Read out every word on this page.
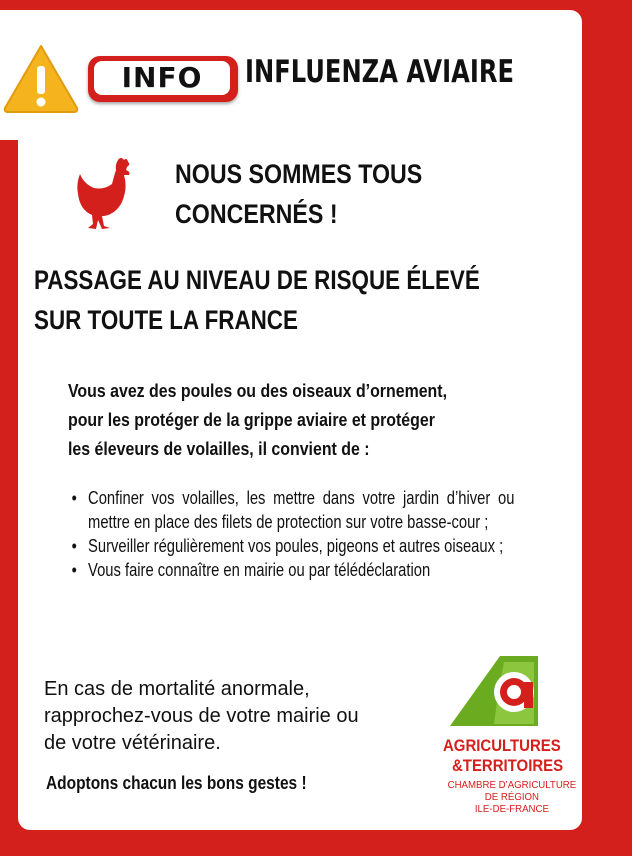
INFO	INFLUENZA AVIAIRE
NOUS SOMMES TOUS
CONCERNÉS !
PASSAGE AU NIVEAU DE RISQUE ÉLEVÉ
SUR TOUTE LA FRANCE
Vous avez des poules ou des oiseaux d’ornement,
pour les protéger de la grippe aviaire et protéger
les éleveurs de volailles, il convient de :
• Confiner vos volailles, les mettre dans votre jardin d’hiver ou mettre en place des filets de protection sur votre basse-cour ;
• Surveiller régulièrement vos poules, pigeons et autres oiseaux ;
• Vous faire connaître en mairie ou par télédéclaration
En cas de mortalité anormale,
rapprochez-vous de votre mairie ou
de votre vétérinaire.
Adoptons chacun les bons gestes !
AGRICULTURES
&TERRITOIRES
CHAMBRE D’AGRICULTURE
DE RÉGION
ILE-DE-FRANCE
